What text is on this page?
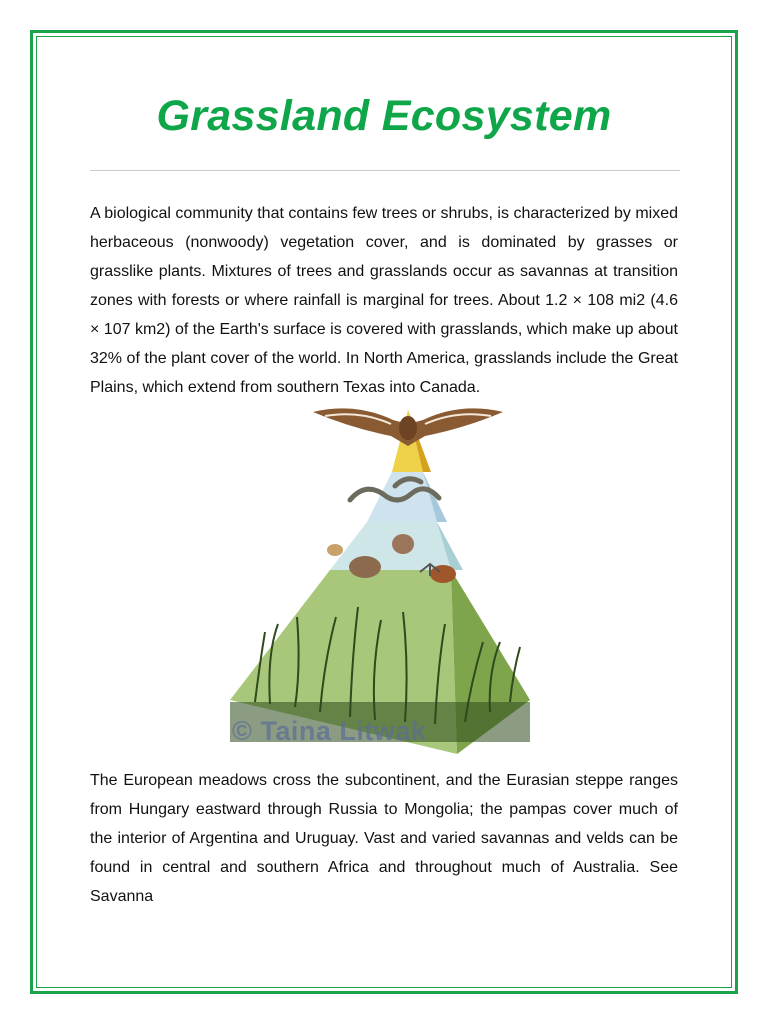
Grassland Ecosystem

A biological community that contains few trees or shrubs, is characterized by mixed herbaceous (nonwoody) vegetation cover, and is dominated by grasses or grasslike plants. Mixtures of trees and grasslands occur as savannas at transition zones with forests or where rainfall is marginal for trees. About 1.2 × 108 mi2 (4.6 × 107 km2) of the Earth's surface is covered with grasslands, which make up about 32% of the plant cover of the world. In North America, grasslands include the Great Plains, which extend from southern Texas into Canada.

© Taina Litwak

The European meadows cross the subcontinent, and the Eurasian steppe ranges from Hungary eastward through Russia to Mongolia; the pampas cover much of the interior of Argentina and Uruguay. Vast and varied savannas and velds can be found in central and southern Africa and throughout much of Australia. See Savanna
